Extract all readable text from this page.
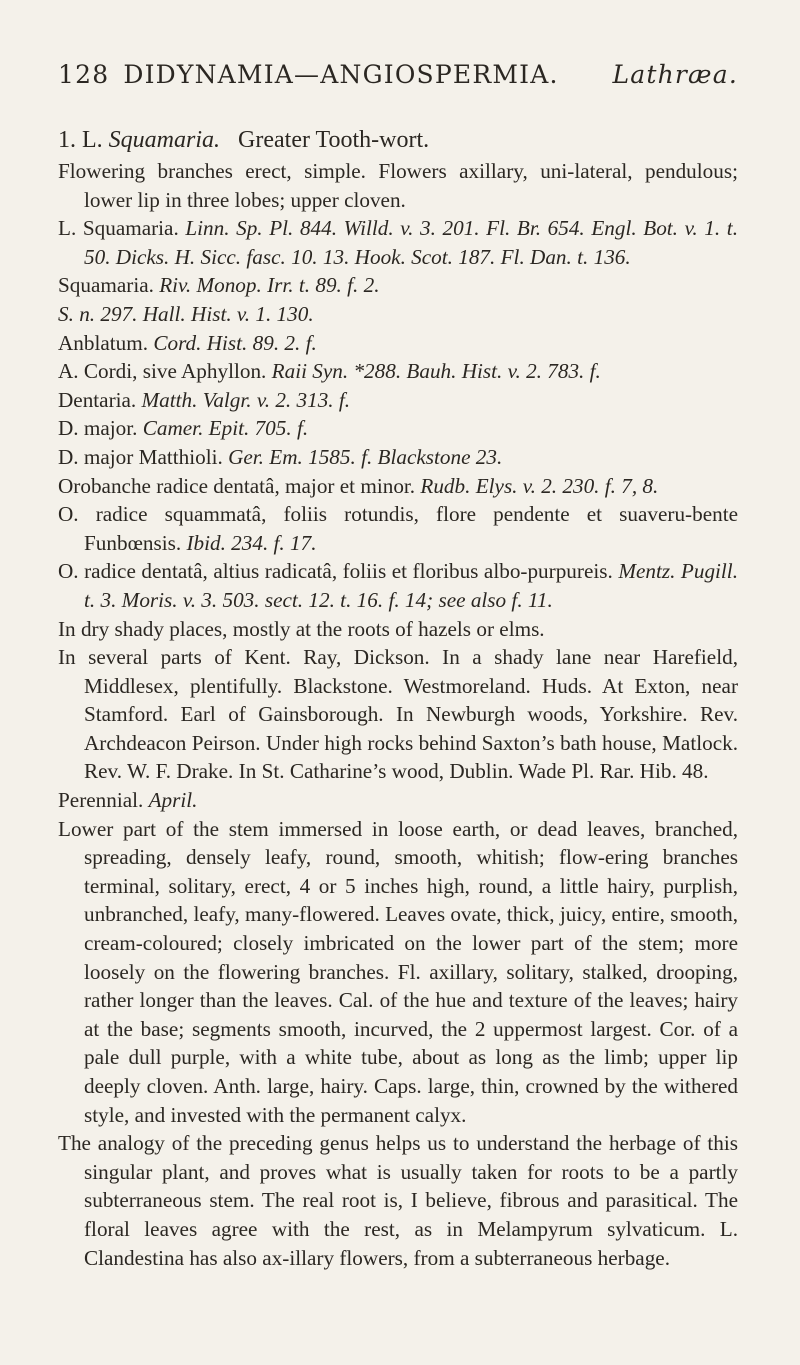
128 DIDYNAMIA—ANGIOSPERMIA.	Lathræa.

1. L. Squamaria. Greater Tooth-wort.

Flowering branches erect, simple. Flowers axillary, uni-lateral, pendulous; lower lip in three lobes; upper cloven.

L. Squamaria. Linn. Sp. Pl. 844. Willd. v. 3. 201. Fl. Br. 654. Engl. Bot. v. 1. t. 50. Dicks. H. Sicc. fasc. 10. 13. Hook. Scot. 187. Fl. Dan. t. 136.

Squamaria. Riv. Monop. Irr. t. 89. f. 2.

S. n. 297. Hall. Hist. v. 1. 130.

Anblatum. Cord. Hist. 89. 2. f.

A. Cordi, sive Aphyllon. Raii Syn. *288. Bauh. Hist. v. 2. 783. f.

Dentaria. Matth. Valgr. v. 2. 313. f.

D. major. Camer. Epit. 705. f.

D. major Matthioli. Ger. Em. 1585. f. Blackstone 23.

Orobanche radice dentatâ, major et minor. Rudb. Elys. v. 2. 230. f. 7, 8.

O. radice squammatâ, foliis rotundis, flore pendente et suaveru-bente Funbœnsis. Ibid. 234. f. 17.

O. radice dentatâ, altius radicatâ, foliis et floribus albo-purpureis. Mentz. Pugill. t. 3. Moris. v. 3. 503. sect. 12. t. 16. f. 14; see also f. 11.

In dry shady places, mostly at the roots of hazels or elms.

In several parts of Kent. Ray, Dickson. In a shady lane near Harefield, Middlesex, plentifully. Blackstone. Westmoreland. Huds. At Exton, near Stamford. Earl of Gainsborough. In Newburgh woods, Yorkshire. Rev. Archdeacon Peirson. Under high rocks behind Saxton’s bath house, Matlock. Rev. W. F. Drake. In St. Catharine’s wood, Dublin. Wade Pl. Rar. Hib. 48.

Perennial. April.

Lower part of the stem immersed in loose earth, or dead leaves, branched, spreading, densely leafy, round, smooth, whitish; flow-ering branches terminal, solitary, erect, 4 or 5 inches high, round, a little hairy, purplish, unbranched, leafy, many-flowered. Leaves ovate, thick, juicy, entire, smooth, cream-coloured; closely imbricated on the lower part of the stem; more loosely on the flowering branches. Fl. axillary, solitary, stalked, drooping, rather longer than the leaves. Cal. of the hue and texture of the leaves; hairy at the base; segments smooth, incurved, the 2 uppermost largest. Cor. of a pale dull purple, with a white tube, about as long as the limb; upper lip deeply cloven. Anth. large, hairy. Caps. large, thin, crowned by the withered style, and invested with the permanent calyx.

The analogy of the preceding genus helps us to understand the herbage of this singular plant, and proves what is usually taken for roots to be a partly subterraneous stem. The real root is, I believe, fibrous and parasitical. The floral leaves agree with the rest, as in Melampyrum sylvaticum. L. Clandestina has also ax-illary flowers, from a subterraneous herbage.
